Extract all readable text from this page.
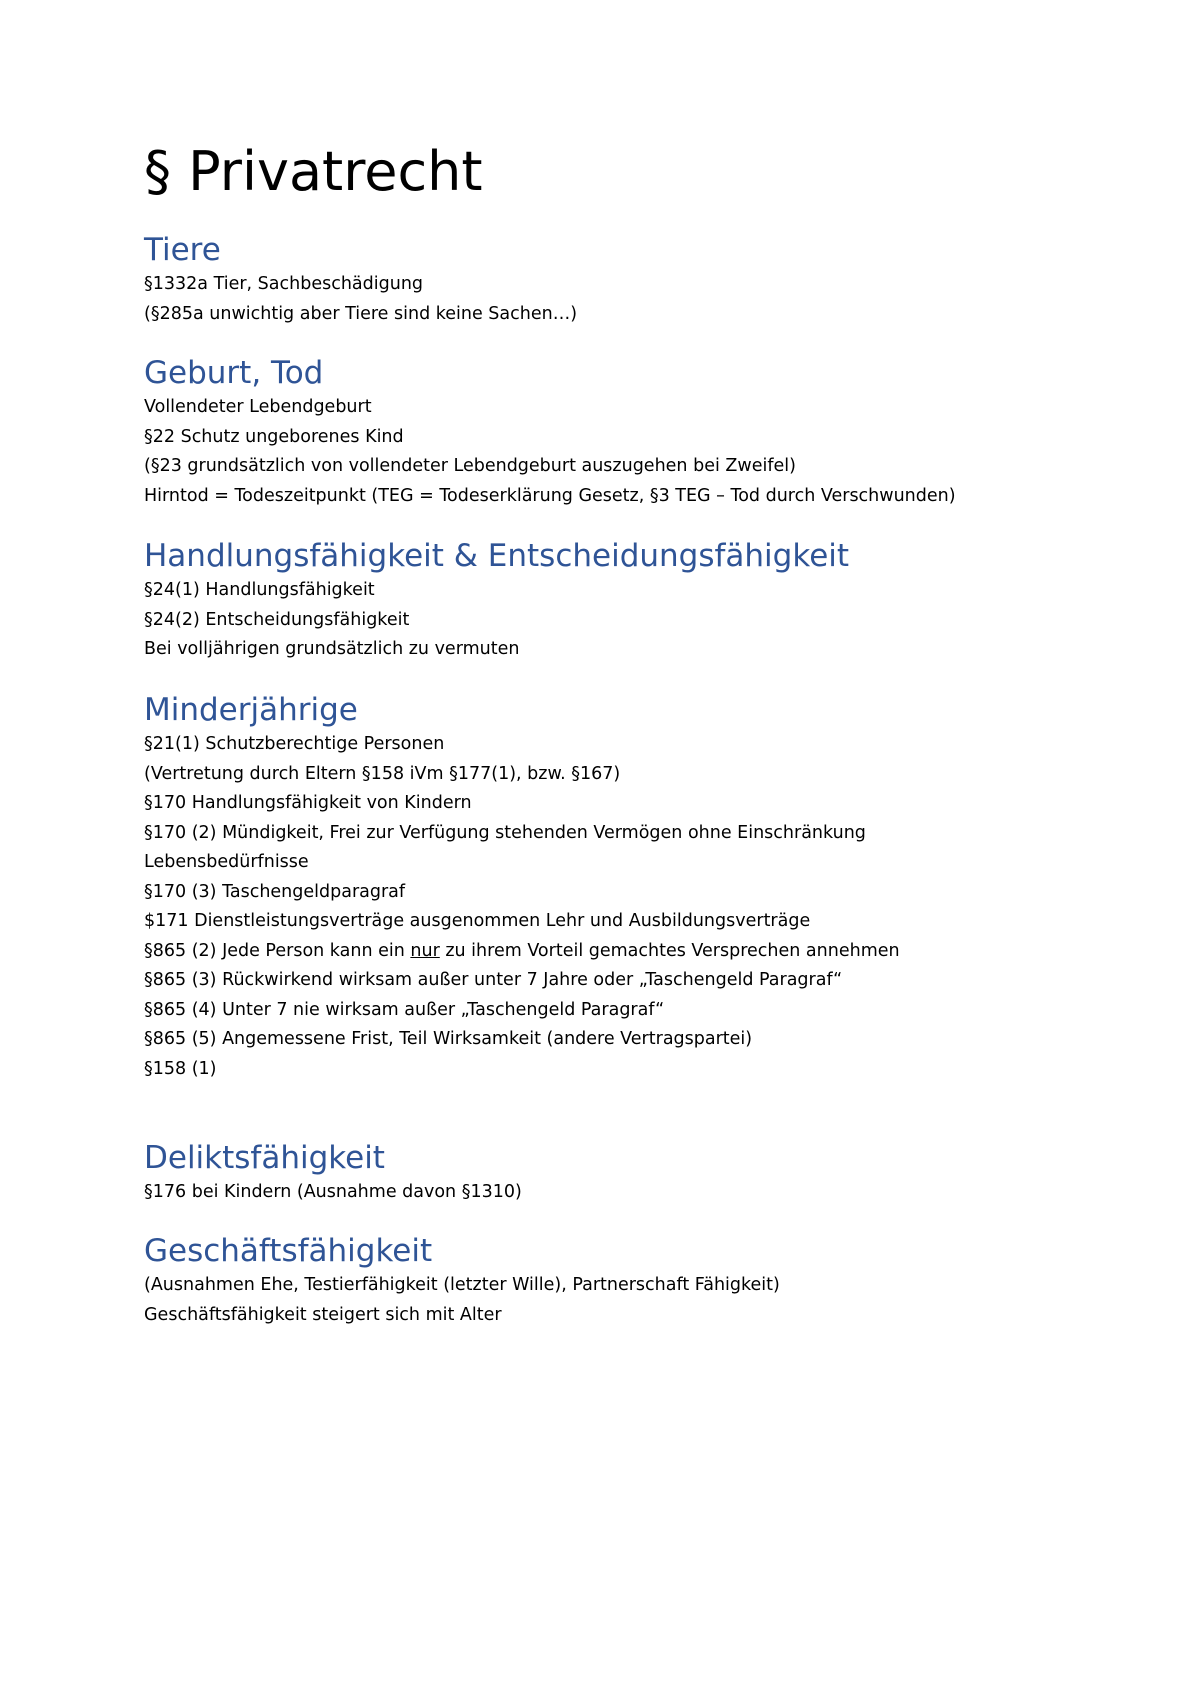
§ Privatrecht
Tiere

§1332a Tier, Sachbeschädigung

(§285a unwichtig aber Tiere sind keine Sachen…)

Geburt, Tod

Vollendeter Lebendgeburt

§22 Schutz ungeborenes Kind

(§23 grundsätzlich von vollendeter Lebendgeburt auszugehen bei Zweifel)

Hirntod = Todeszeitpunkt (TEG = Todeserklärung Gesetz, §3 TEG – Tod durch Verschwunden)

Handlungsfähigkeit & Entscheidungsfähigkeit

§24(1) Handlungsfähigkeit

§24(2) Entscheidungsfähigkeit

Bei volljährigen grundsätzlich zu vermuten

Minderjährige

§21(1) Schutzberechtige Personen

(Vertretung durch Eltern §158 iVm §177(1), bzw. §167)

§170 Handlungsfähigkeit von Kindern

§170 (2) Mündigkeit, Frei zur Verfügung stehenden Vermögen ohne Einschränkung

Lebensbedürfnisse

§170 (3) Taschengeldparagraf

$171 Dienstleistungsverträge ausgenommen Lehr und Ausbildungsverträge

§865 (2) Jede Person kann ein nur zu ihrem Vorteil gemachtes Versprechen annehmen

§865 (3) Rückwirkend wirksam außer unter 7 Jahre oder „Taschengeld Paragraf“

§865 (4) Unter 7 nie wirksam außer „Taschengeld Paragraf“

§865 (5) Angemessene Frist, Teil Wirksamkeit (andere Vertragspartei)

§158 (1)

Deliktsfähigkeit

§176 bei Kindern (Ausnahme davon §1310)

Geschäftsfähigkeit

(Ausnahmen Ehe, Testierfähigkeit (letzter Wille), Partnerschaft Fähigkeit)

Geschäftsfähigkeit steigert sich mit Alter
